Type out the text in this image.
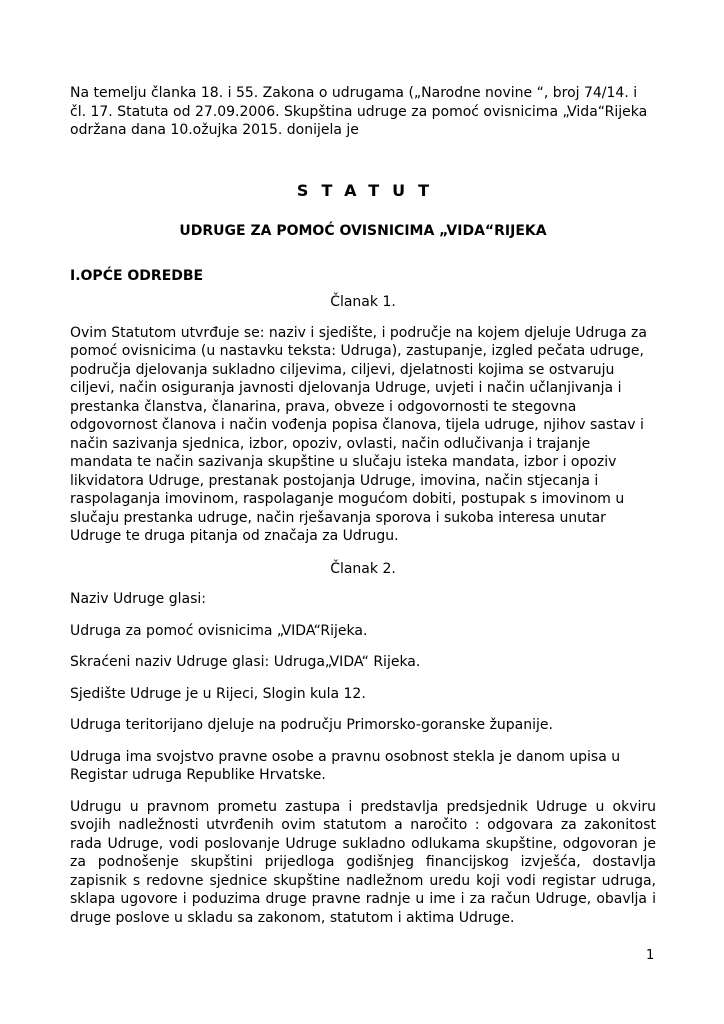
Na temelju članka 18. i 55. Zakona o udrugama („Narodne novine “, broj 74/14. i čl. 17. Statuta od 27.09.2006. Skupština udruge za pomoć ovisnicima „Vida“Rijeka održana dana 10.ožujka 2015. donijela je

STATUT

UDRUGE ZA POMOĆ OVISNICIMA „VIDA“RIJEKA

I.OPĆE ODREDBE

Članak 1.

Ovim Statutom utvrđuje se: naziv i sjedište, i područje na kojem djeluje Udruga za pomoć ovisnicima (u nastavku teksta: Udruga), zastupanje, izgled pečata udruge, područja djelovanja sukladno ciljevima, ciljevi, djelatnosti kojima se ostvaruju ciljevi, način osiguranja javnosti djelovanja Udruge, uvjeti i način učlanjivanja i prestanka članstva, članarina, prava, obveze i odgovornosti te stegovna odgovornost članova i način vođenja popisa članova, tijela udruge, njihov sastav i način sazivanja sjednica, izbor, opoziv, ovlasti, način odlučivanja i trajanje mandata te način sazivanja skupštine u slučaju isteka mandata, izbor i opoziv likvidatora Udruge, prestanak postojanja Udruge, imovina, način stjecanja i raspolaganja imovinom, raspolaganje mogućom dobiti, postupak s imovinom u slučaju prestanka udruge, način rješavanja sporova i sukoba interesa unutar Udruge te druga pitanja od značaja za Udrugu.

Članak 2.

Naziv Udruge glasi:

Udruga za pomoć ovisnicima „VIDA“Rijeka.

Skraćeni naziv Udruge glasi: Udruga„VIDA“ Rijeka.

Sjedište Udruge je u Rijeci, Slogin kula 12.

Udruga teritorijano djeluje na području Primorsko-goranske županije.

Udruga ima svojstvo pravne osobe a pravnu osobnost stekla je danom upisa u Registar udruga Republike Hrvatske.

Udrugu u pravnom prometu zastupa i predstavlja predsjednik Udruge u okviru svojih nadležnosti utvrđenih ovim statutom a naročito : odgovara za zakonitost rada Udruge, vodi poslovanje Udruge sukladno odlukama skupštine, odgovoran je za podnošenje skupštini prijedloga godišnjeg financijskog izvješća, dostavlja zapisnik s redovne sjednice skupštine nadležnom uredu koji vodi registar udruga, sklapa ugovore i poduzima druge pravne radnje u ime i za račun Udruge, obavlja i druge poslove u skladu sa zakonom, statutom i aktima Udruge.

1
